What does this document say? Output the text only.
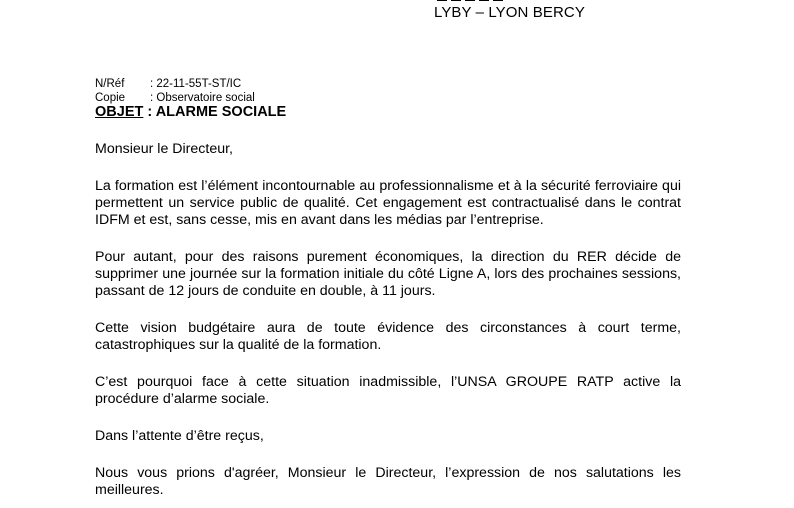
LYBY – LYON BERCY
N/Réf	: 22-11-55T-ST/IC
Copie	: Observatoire social
OBJET : ALARME SOCIALE

Monsieur le Directeur,

La formation est l’élément incontournable au professionnalisme et à la sécurité ferroviaire qui permettent un service public de qualité. Cet engagement est contractualisé dans le contrat IDFM et est, sans cesse, mis en avant dans les médias par l’entreprise.

Pour autant, pour des raisons purement économiques, la direction du RER décide de supprimer une journée sur la formation initiale du côté Ligne A, lors des prochaines sessions, passant de 12 jours de conduite en double, à 11 jours.

Cette vision budgétaire aura de toute évidence des circonstances à court terme, catastrophiques sur la qualité de la formation.

C’est pourquoi face à cette situation inadmissible, l’UNSA GROUPE RATP active la procédure d’alarme sociale.

Dans l’attente d’être reçus,

Nous vous prions d'agréer, Monsieur le Directeur, l’expression de nos salutations les meilleures.
